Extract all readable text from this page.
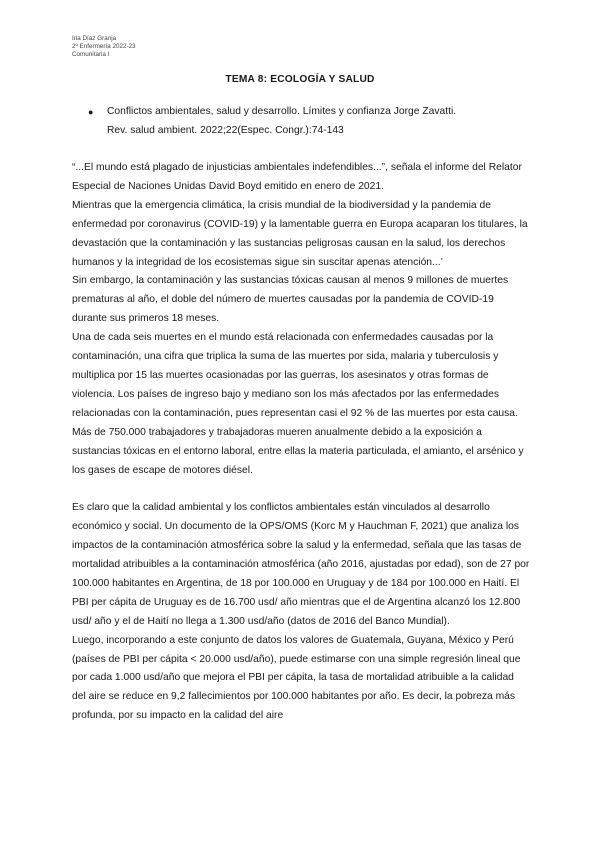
Iria Díaz Granja
2º Enfermería 2022-23
Comunitaria I
TEMA 8: ECOLOGÍA Y SALUD
● Conflictos ambientales, salud y desarrollo. Límites y confianza Jorge Zavatti.
Rev. salud ambient. 2022;22(Espec. Congr.):74-143

“...El mundo está plagado de injusticias ambientales indefendibles...”, señala el informe del Relator Especial de Naciones Unidas David Boyd emitido en enero de 2021.

Mientras que la emergencia climática, la crisis mundial de la biodiversidad y la pandemia de enfermedad por coronavirus (COVID-19) y la lamentable guerra en Europa acaparan los titulares, la devastación que la contaminación y las sustancias peligrosas causan en la salud, los derechos humanos y la integridad de los ecosistemas sigue sin suscitar apenas atención...’

Sin embargo, la contaminación y las sustancias tóxicas causan al menos 9 millones de muertes prematuras al año, el doble del número de muertes causadas por la pandemia de COVID-19 durante sus primeros 18 meses.

Una de cada seis muertes en el mundo está relacionada con enfermedades causadas por la contaminación, una cifra que triplica la suma de las muertes por sida, malaria y tuberculosis y multiplica por 15 las muertes ocasionadas por las guerras, los asesinatos y otras formas de violencia. Los países de ingreso bajo y mediano son los más afectados por las enfermedades relacionadas con la contaminación, pues representan casi el 92 % de las muertes por esta causa. Más de 750.000 trabajadores y trabajadoras mueren anualmente debido a la exposición a sustancias tóxicas en el entorno laboral, entre ellas la materia particulada, el amianto, el arsénico y los gases de escape de motores diésel.

Es claro que la calidad ambiental y los conflictos ambientales están vinculados al desarrollo económico y social. Un documento de la OPS/OMS (Korc M y Hauchman F, 2021) que analiza los impactos de la contaminación atmosférica sobre la salud y la enfermedad, señala que las tasas de mortalidad atribuibles a la contaminación atmosférica (año 2016, ajustadas por edad), son de 27 por 100.000 habitantes en Argentina, de 18 por 100.000 en Uruguay y de 184 por 100.000 en Haití. El PBI per cápita de Uruguay es de 16.700 usd/ año mientras que el de Argentina alcanzó los 12.800 usd/ año y el de Haití no llega a 1.300 usd/año (datos de 2016 del Banco Mundial).

Luego, incorporando a este conjunto de datos los valores de Guatemala, Guyana, México y Perú (países de PBI per cápita < 20.000 usd/año), puede estimarse con una simple regresión lineal que por cada 1.000 usd/año que mejora el PBI per cápita, la tasa de mortalidad atribuible a la calidad del aire se reduce en 9,2 fallecimientos por 100.000 habitantes por año. Es decir, la pobreza más profunda, por su impacto en la calidad del aire
